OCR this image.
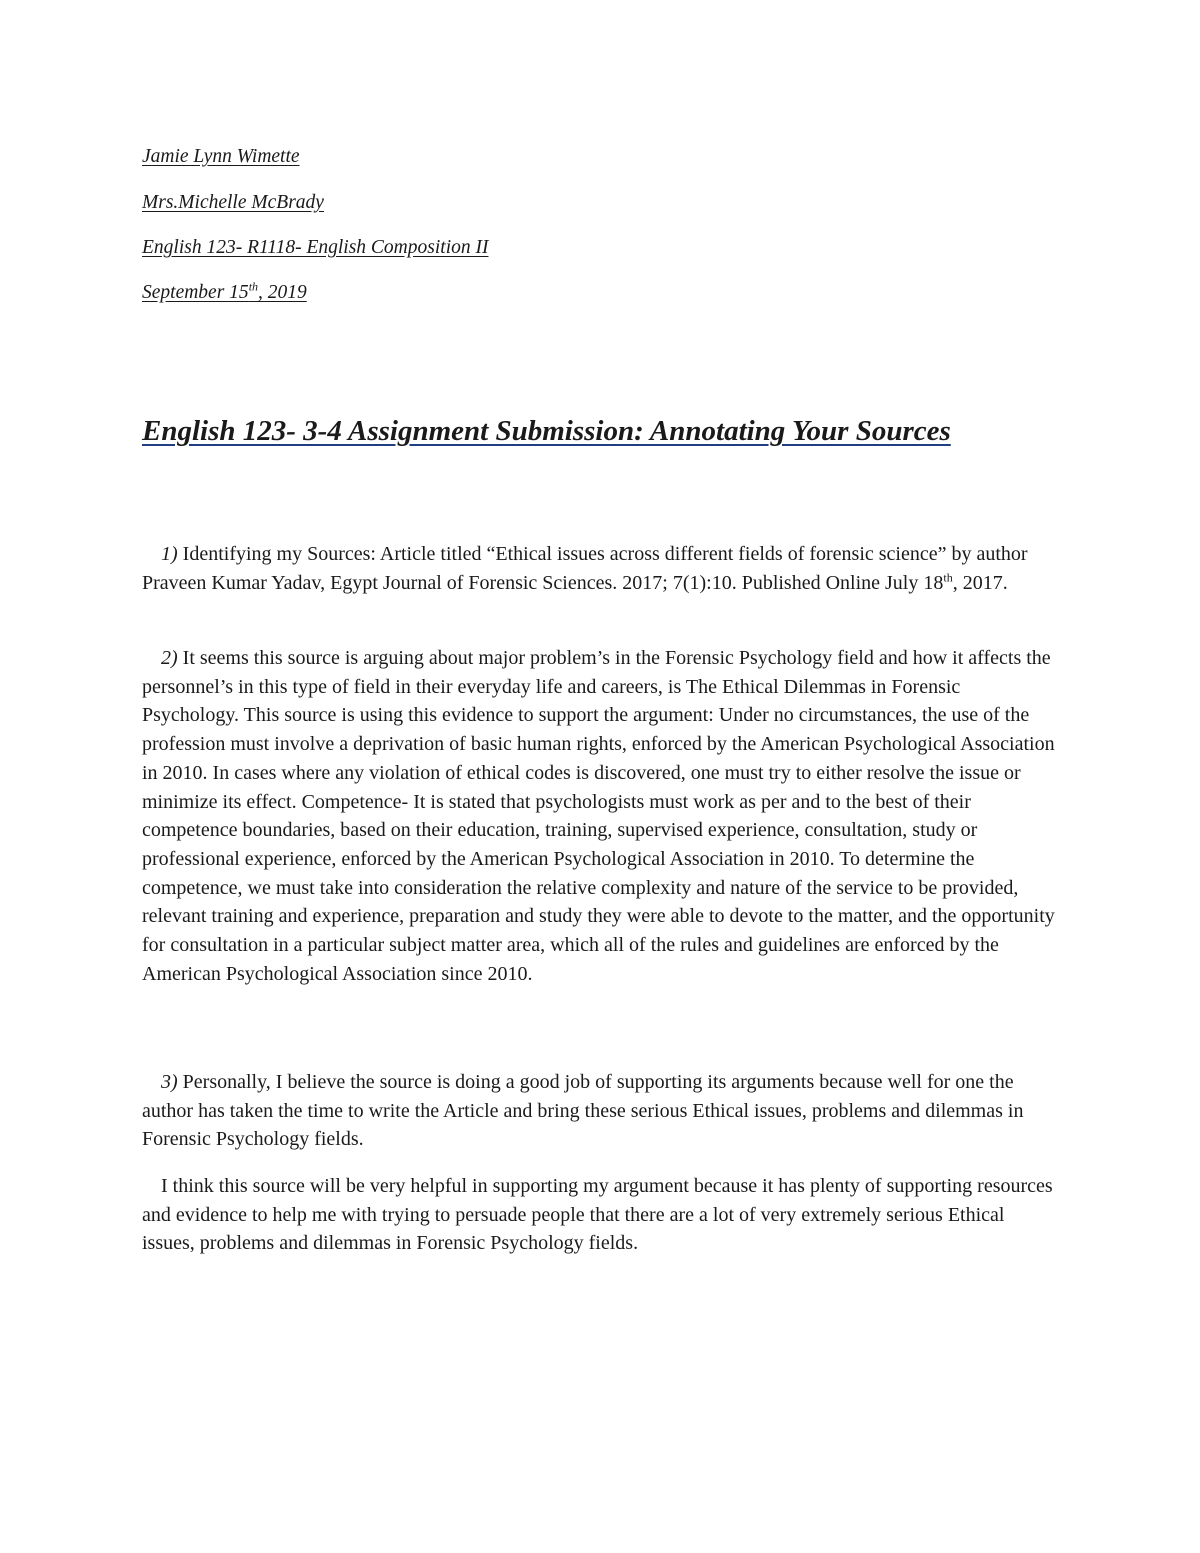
Jamie Lynn Wimette
Mrs.Michelle McBrady
English 123- R1118- English Composition II
September 15th, 2019
English 123- 3-4 Assignment Submission: Annotating Your Sources
1) Identifying my Sources: Article titled “Ethical issues across different fields of forensic science” by author Praveen Kumar Yadav, Egypt Journal of Forensic Sciences. 2017; 7(1):10. Published Online July 18th, 2017.
2) It seems this source is arguing about major problem’s in the Forensic Psychology field and how it affects the personnel’s in this type of field in their everyday life and careers, is The Ethical Dilemmas in Forensic Psychology. This source is using this evidence to support the argument: Under no circumstances, the use of the profession must involve a deprivation of basic human rights, enforced by the American Psychological Association in 2010. In cases where any violation of ethical codes is discovered, one must try to either resolve the issue or minimize its effect. Competence- It is stated that psychologists must work as per and to the best of their competence boundaries, based on their education, training, supervised experience, consultation, study or professional experience, enforced by the American Psychological Association in 2010. To determine the competence, we must take into consideration the relative complexity and nature of the service to be provided, relevant training and experience, preparation and study they were able to devote to the matter, and the opportunity for consultation in a particular subject matter area, which all of the rules and guidelines are enforced by the American Psychological Association since 2010.
3) Personally, I believe the source is doing a good job of supporting its arguments because well for one the author has taken the time to write the Article and bring these serious Ethical issues, problems and dilemmas in Forensic Psychology fields.
I think this source will be very helpful in supporting my argument because it has plenty of supporting resources and evidence to help me with trying to persuade people that there are a lot of very extremely serious Ethical issues, problems and dilemmas in Forensic Psychology fields.
